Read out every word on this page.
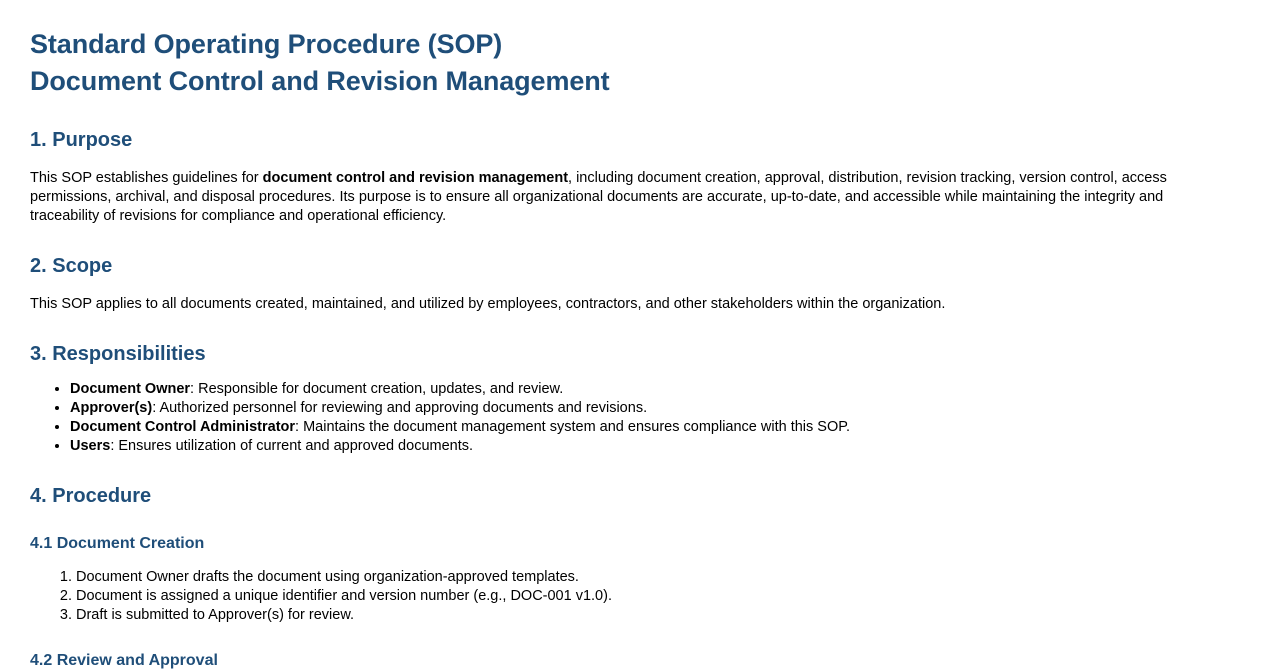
Standard Operating Procedure (SOP)
Document Control and Revision Management
1. Purpose

This SOP establishes guidelines for document control and revision management, including document creation, approval, distribution, revision tracking, version control, access permissions, archival, and disposal procedures. Its purpose is to ensure all organizational documents are accurate, up-to-date, and accessible while maintaining the integrity and traceability of revisions for compliance and operational efficiency.

2. Scope

This SOP applies to all documents created, maintained, and utilized by employees, contractors, and other stakeholders within the organization.

3. Responsibilities
• Document Owner: Responsible for document creation, updates, and review.
• Approver(s): Authorized personnel for reviewing and approving documents and revisions.
• Document Control Administrator: Maintains the document management system and ensures compliance with this SOP.
• Users: Ensures utilization of current and approved documents.
4. Procedure
4.1 Document Creation
1. Document Owner drafts the document using organization-approved templates.
2. Document is assigned a unique identifier and version number (e.g., DOC-001 v1.0).
3. Draft is submitted to Approver(s) for review.
4.2 Review and Approval
